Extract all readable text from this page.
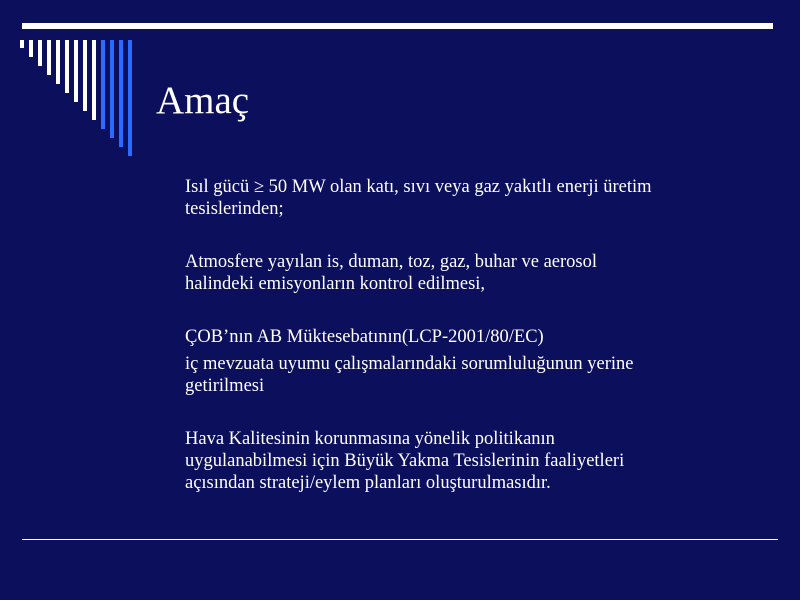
Amaç
Isıl gücü ≥ 50 MW olan katı, sıvı veya gaz yakıtlı enerji üretim
tesislerinden;
Atmosfere yayılan is, duman, toz, gaz, buhar ve aerosol
halindeki emisyonların kontrol edilmesi,
ÇOB’nın AB Müktesebatının(LCP-2001/80/EC)
iç mevzuata uyumu çalışmalarındaki sorumluluğunun yerine
getirilmesi
Hava Kalitesinin korunmasına yönelik politikanın
uygulanabilmesi için Büyük Yakma Tesislerinin faaliyetleri
açısından strateji/eylem planları oluşturulmasıdır.
